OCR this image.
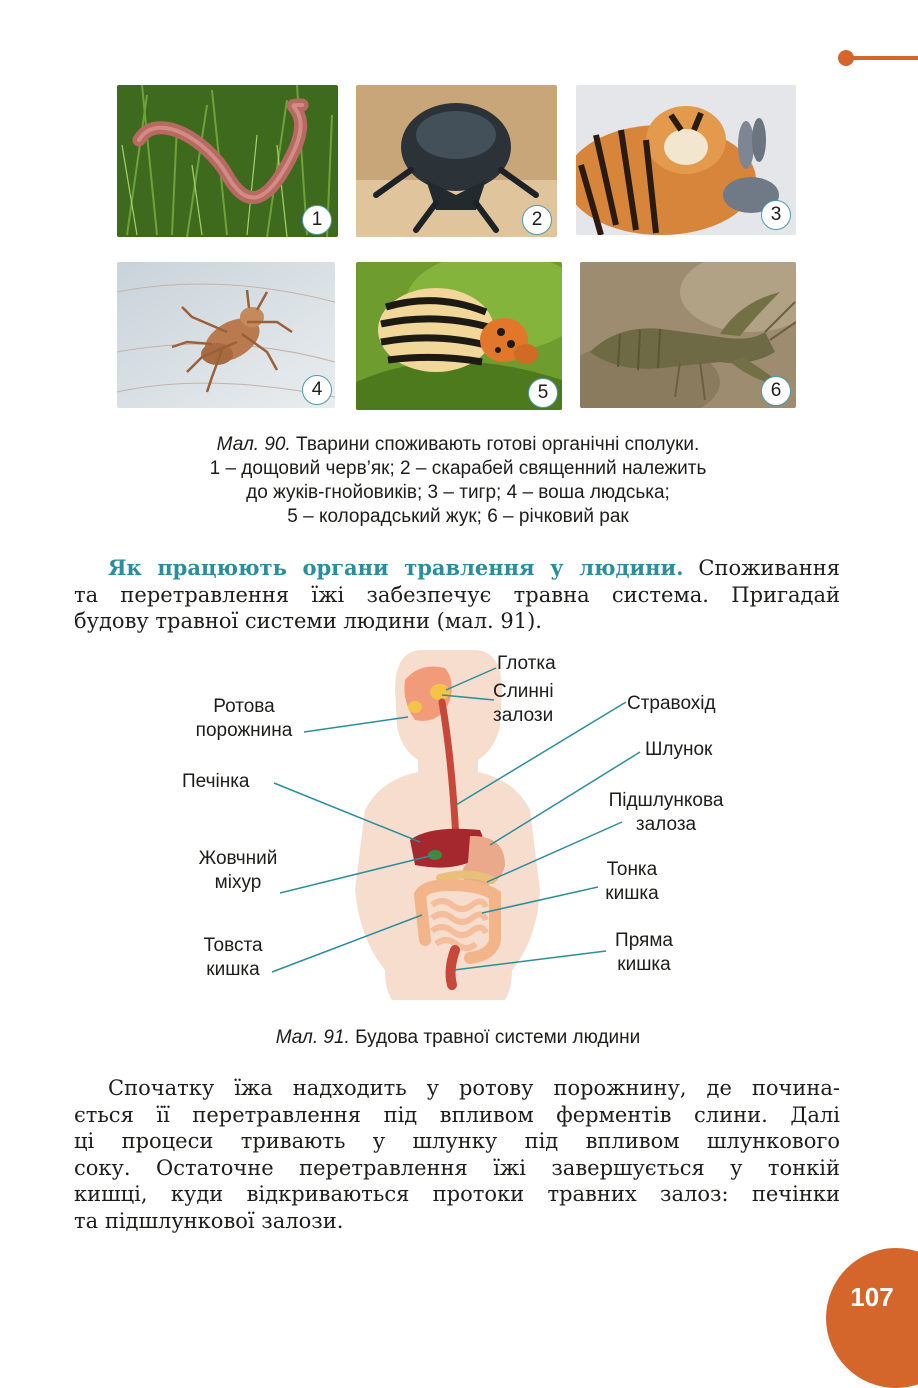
1	2	3
4	5	6
Мал. 90. Тварини споживають готові органічні сполуки.
1 – дощовий черв’як; 2 – скарабей священний належить
до жуків-гнойовиків; 3 – тигр; 4 – воша людська;
5 – колорадський жук; 6 – річковий рак
Як працюють органи травлення у людини. Споживання
та перетравлення їжі забезпечує травна система. Пригадай
будову травної системи людини (мал. 91).
Глотка
Слинні
залози
Ротова
порожнина
Стравохід
Шлунок
Печінка
Підшлункова
залоза
Жовчний
міхур
Тонка
кишка
Товста
кишка
Пряма
кишка
Мал. 91. Будова травної системи людини
Спочатку їжа надходить у ротову порожнину, де почина-
ється її перетравлення під впливом ферментів слини. Далі
ці процеси тривають у шлунку під впливом шлункового
соку. Остаточне перетравлення їжі завершується у тонкій
кишці, куди відкриваються протоки травних залоз: печінки
та підшлункової залози.
107
